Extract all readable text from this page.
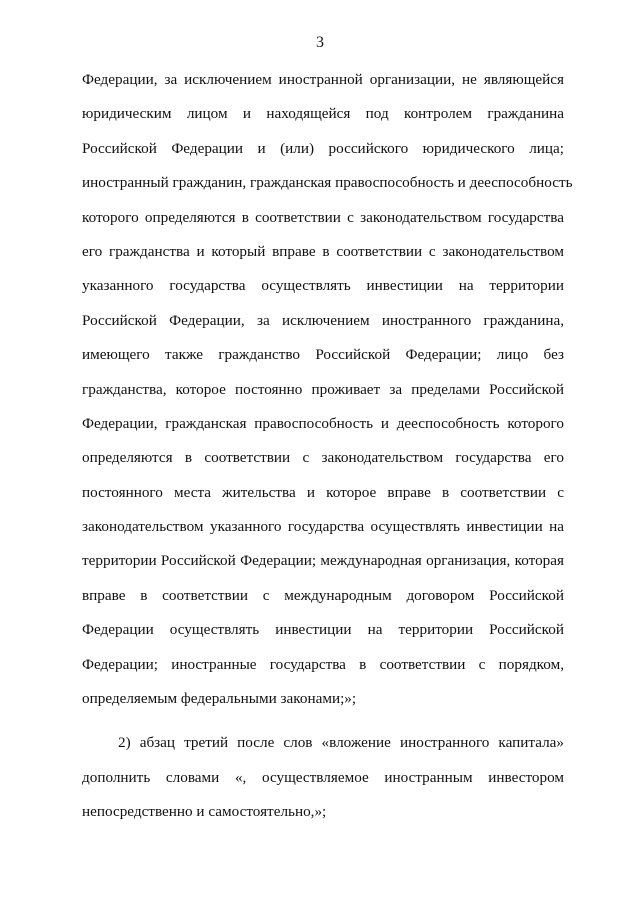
3
Федерации, за исключением иностранной организации, не являющейся
юридическим лицом и находящейся под контролем гражданина
Российской Федерации и (или) российского юридического лица;
иностранный гражданин, гражданская правоспособность и дееспособность
которого определяются в соответствии с законодательством государства
его гражданства и который вправе в соответствии с законодательством
указанного государства осуществлять инвестиции на территории
Российской Федерации, за исключением иностранного гражданина,
имеющего также гражданство Российской Федерации; лицо без
гражданства, которое постоянно проживает за пределами Российской
Федерации, гражданская правоспособность и дееспособность которого
определяются в соответствии с законодательством государства его
постоянного места жительства и которое вправе в соответствии с
законодательством указанного государства осуществлять инвестиции на
территории Российской Федерации; международная организация, которая
вправе в соответствии с международным договором Российской
Федерации осуществлять инвестиции на территории Российской
Федерации; иностранные государства в соответствии с порядком,
определяемым федеральными законами;»;
2) абзац третий после слов «вложение иностранного капитала»
дополнить словами «, осуществляемое иностранным инвестором
непосредственно и самостоятельно,»;
